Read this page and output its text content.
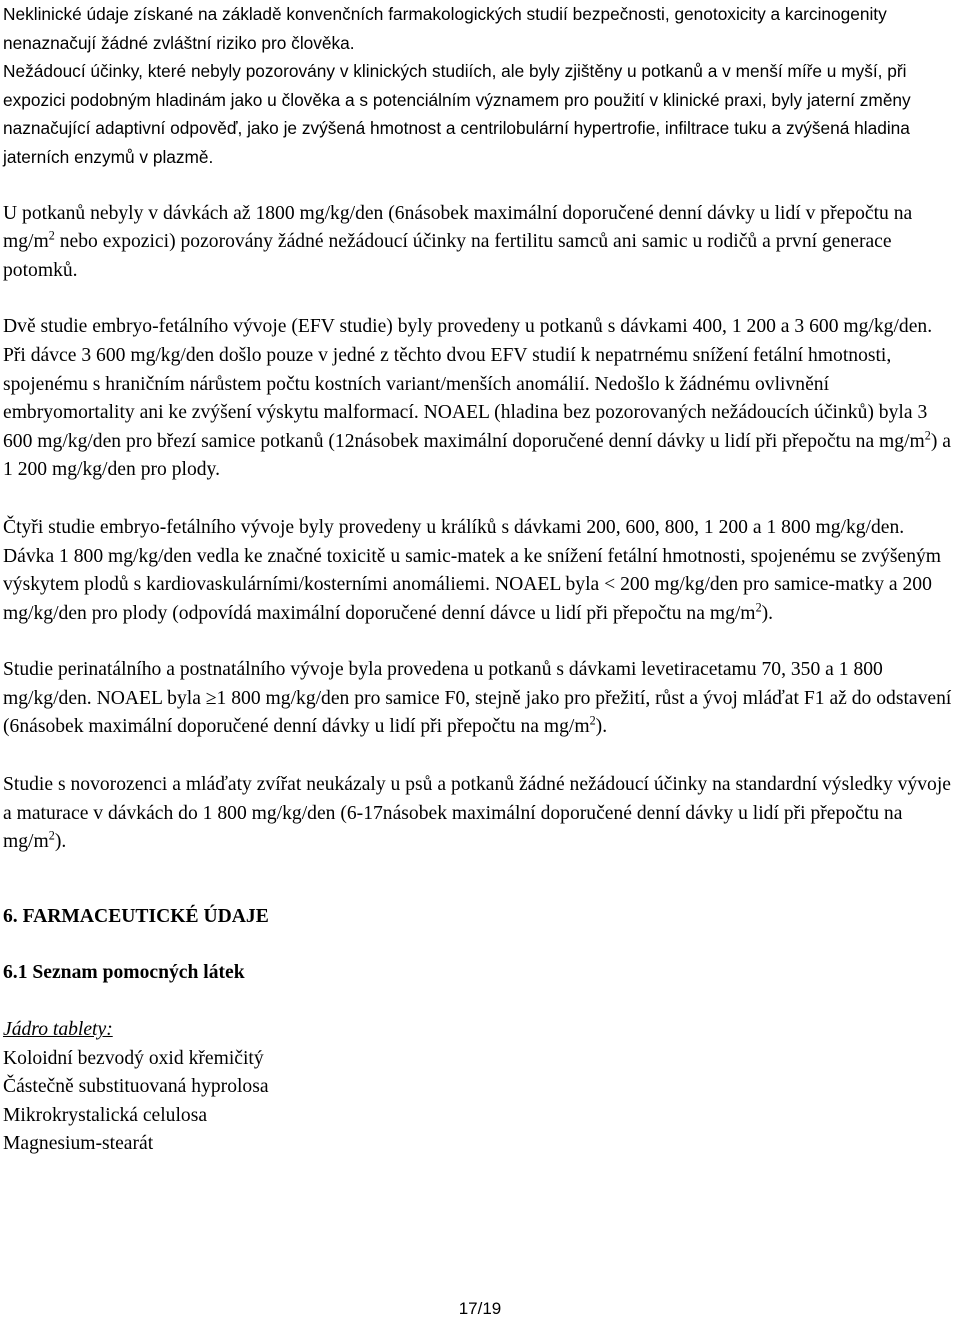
Neklinické údaje získané na základě konvenčních farmakologických studií bezpečnosti, genotoxicity a karcinogenity nenaznačují žádné zvláštní riziko pro člověka.

Nežádoucí účinky, které nebyly pozorovány v klinických studiích, ale byly zjištěny u potkanů a v menší míře u myší, při expozici podobným hladinám jako u člověka a s potenciálním významem pro použití v klinické praxi, byly jaterní změny naznačující adaptivní odpověď, jako je zvýšená hmotnost a centrilobulární hypertrofie, infiltrace tuku a zvýšená hladina jaterních enzymů v plazmě.

U potkanů nebyly v dávkách až 1800 mg/kg/den (6násobek maximální doporučené denní dávky u lidí v přepočtu na $mg/m^2$ nebo expozici) pozorovány žádné nežádoucí účinky na fertilitu samců ani samic u rodičů a první generace potomků.

Dvě studie embryo-fetálního vývoje (EFV studie) byly provedeny u potkanů s dávkami 400, 1 200 a 3 600 mg/kg/den. Při dávce 3 600 mg/kg/den došlo pouze v jedné z těchto dvou EFV studií k nepatrnému snížení fetální hmotnosti, spojenému s hraničním nárůstem počtu kostních variant/menších anomálií. Nedošlo k žádnému ovlivnění embryomortality ani ke zvýšení výskytu malformací. NOAEL (hladina bez pozorovaných nežádoucích účinků) byla 3 600 mg/kg/den pro březí samice potkanů (12násobek maximální doporučené denní dávky u lidí při přepočtu na $mg/m^2$) a 1 200 mg/kg/den pro plody.

Čtyři studie embryo-fetálního vývoje byly provedeny u králíků s dávkami 200, 600, 800, 1 200 a 1 800 mg/kg/den. Dávka 1 800 mg/kg/den vedla ke značné toxicitě u samic-matek a ke snížení fetální hmotnosti, spojenému se zvýšeným výskytem plodů s kardiovaskulárními/kosterními anomáliemi. NOAEL byla < 200 mg/kg/den pro samice-matky a 200 mg/kg/den pro plody (odpovídá maximální doporučené denní dávce u lidí při přepočtu na $mg/m^2$).

Studie perinatálního a postnatálního vývoje byla provedena u potkanů s dávkami levetiracetamu 70, 350 a 1 800 mg/kg/den. NOAEL byla ≥1 800 mg/kg/den pro samice F0, stejně jako pro přežití, růst a ývoj mláďat F1 až do odstavení (6násobek maximální doporučené denní dávky u lidí při přepočtu na $mg/m^2$).

Studie s novorozenci a mláďaty zvířat neukázaly u psů a potkanů žádné nežádoucí účinky na standardní výsledky vývoje a maturace v dávkách do 1 800 mg/kg/den (6-17násobek maximální doporučené denní dávky u lidí při přepočtu na $mg/m^2$).

6. FARMACEUTICKÉ ÚDAJE
6.1 Seznam pomocných látek

Jádro tablety:

Koloidní bezvodý oxid křemičitý
Částečně substituovaná hyprolosa
Mikrokrystalická celulosa
Magnesium-stearát
17/19
